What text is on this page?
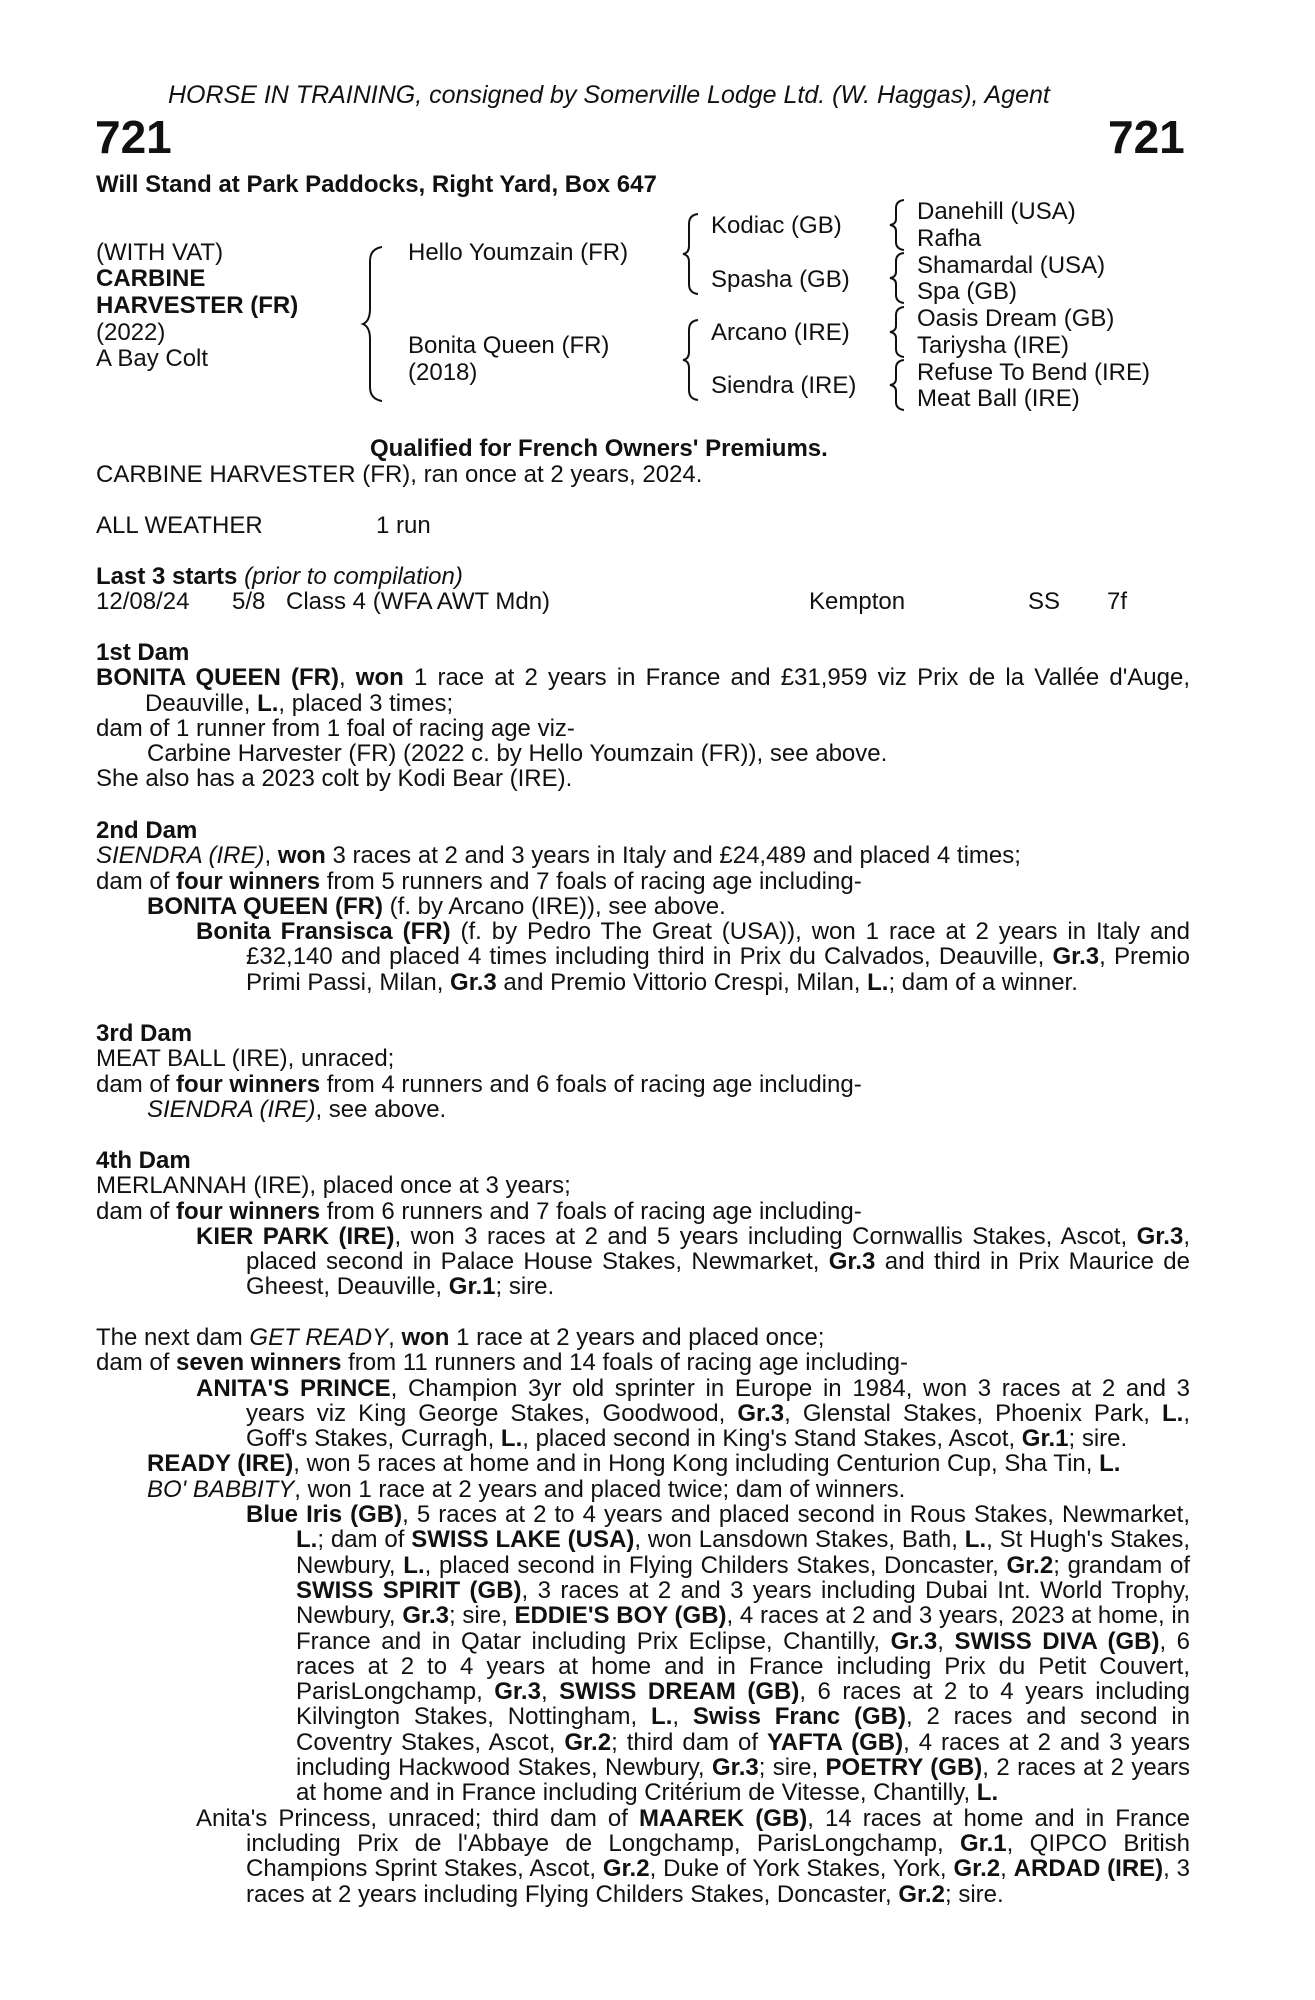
HORSE IN TRAINING, consigned by Somerville Lodge Ltd. (W. Haggas), Agent
721	721
Will Stand at Park Paddocks, Right Yard, Box 647
(WITH VAT)
CARBINE
HARVESTER (FR)
(2022)
A Bay Colt
Hello Youmzain (FR)
Bonita Queen (FR)
(2018)
Kodiac (GB)
Spasha (GB)
Arcano (IRE)
Siendra (IRE)
Danehill (USA)
Rafha
Shamardal (USA)
Spa (GB)
Oasis Dream (GB)
Tariysha (IRE)
Refuse To Bend (IRE)
Meat Ball (IRE)
Qualified for French Owners' Premiums.
CARBINE HARVESTER (FR), ran once at 2 years, 2024.
ALL WEATHER	1 run
Last 3 starts (prior to compilation)
12/08/24 5/8 Class 4 (WFA AWT Mdn)	Kempton	SS 7f

1st Dam

BONITA QUEEN (FR), won 1 race at 2 years in France and £31,959 viz Prix de la Vallée d'Auge, Deauville, L., placed 3 times;

dam of 1 runner from 1 foal of racing age viz-

Carbine Harvester (FR) (2022 c. by Hello Youmzain (FR)), see above.

She also has a 2023 colt by Kodi Bear (IRE).

2nd Dam

SIENDRA (IRE), won 3 races at 2 and 3 years in Italy and £24,489 and placed 4 times;

dam of four winners from 5 runners and 7 foals of racing age including-

BONITA QUEEN (FR) (f. by Arcano (IRE)), see above.

Bonita Fransisca (FR) (f. by Pedro The Great (USA)), won 1 race at 2 years in Italy and £32,140 and placed 4 times including third in Prix du Calvados, Deauville, Gr.3, Premio Primi Passi, Milan, Gr.3 and Premio Vittorio Crespi, Milan, L.; dam of a winner.

3rd Dam

MEAT BALL (IRE), unraced;

dam of four winners from 4 runners and 6 foals of racing age including-

SIENDRA (IRE), see above.

4th Dam

MERLANNAH (IRE), placed once at 3 years;

dam of four winners from 6 runners and 7 foals of racing age including-

KIER PARK (IRE), won 3 races at 2 and 5 years including Cornwallis Stakes, Ascot, Gr.3, placed second in Palace House Stakes, Newmarket, Gr.3 and third in Prix Maurice de Gheest, Deauville, Gr.1; sire.

The next dam GET READY, won 1 race at 2 years and placed once;

dam of seven winners from 11 runners and 14 foals of racing age including-

ANITA'S PRINCE, Champion 3yr old sprinter in Europe in 1984, won 3 races at 2 and 3 years viz King George Stakes, Goodwood, Gr.3, Glenstal Stakes, Phoenix Park, L., Goff's Stakes, Curragh, L., placed second in King's Stand Stakes, Ascot, Gr.1; sire.

READY (IRE), won 5 races at home and in Hong Kong including Centurion Cup, Sha Tin, L.

BO' BABBITY, won 1 race at 2 years and placed twice; dam of winners.

Blue Iris (GB), 5 races at 2 to 4 years and placed second in Rous Stakes, Newmarket, L.; dam of SWISS LAKE (USA), won Lansdown Stakes, Bath, L., St Hugh's Stakes, Newbury, L., placed second in Flying Childers Stakes, Doncaster, Gr.2; grandam of SWISS SPIRIT (GB), 3 races at 2 and 3 years including Dubai Int. World Trophy, Newbury, Gr.3; sire, EDDIE'S BOY (GB), 4 races at 2 and 3 years, 2023 at home, in France and in Qatar including Prix Eclipse, Chantilly, Gr.3, SWISS DIVA (GB), 6 races at 2 to 4 years at home and in France including Prix du Petit Couvert, ParisLongchamp, Gr.3, SWISS DREAM (GB), 6 races at 2 to 4 years including Kilvington Stakes, Nottingham, L., Swiss Franc (GB), 2 races and second in Coventry Stakes, Ascot, Gr.2; third dam of YAFTA (GB), 4 races at 2 and 3 years including Hackwood Stakes, Newbury, Gr.3; sire, POETRY (GB), 2 races at 2 years at home and in France including Critérium de Vitesse, Chantilly, L.

Anita's Princess, unraced; third dam of MAAREK (GB), 14 races at home and in France including Prix de l'Abbaye de Longchamp, ParisLongchamp, Gr.1, QIPCO British Champions Sprint Stakes, Ascot, Gr.2, Duke of York Stakes, York, Gr.2, ARDAD (IRE), 3 races at 2 years including Flying Childers Stakes, Doncaster, Gr.2; sire.
